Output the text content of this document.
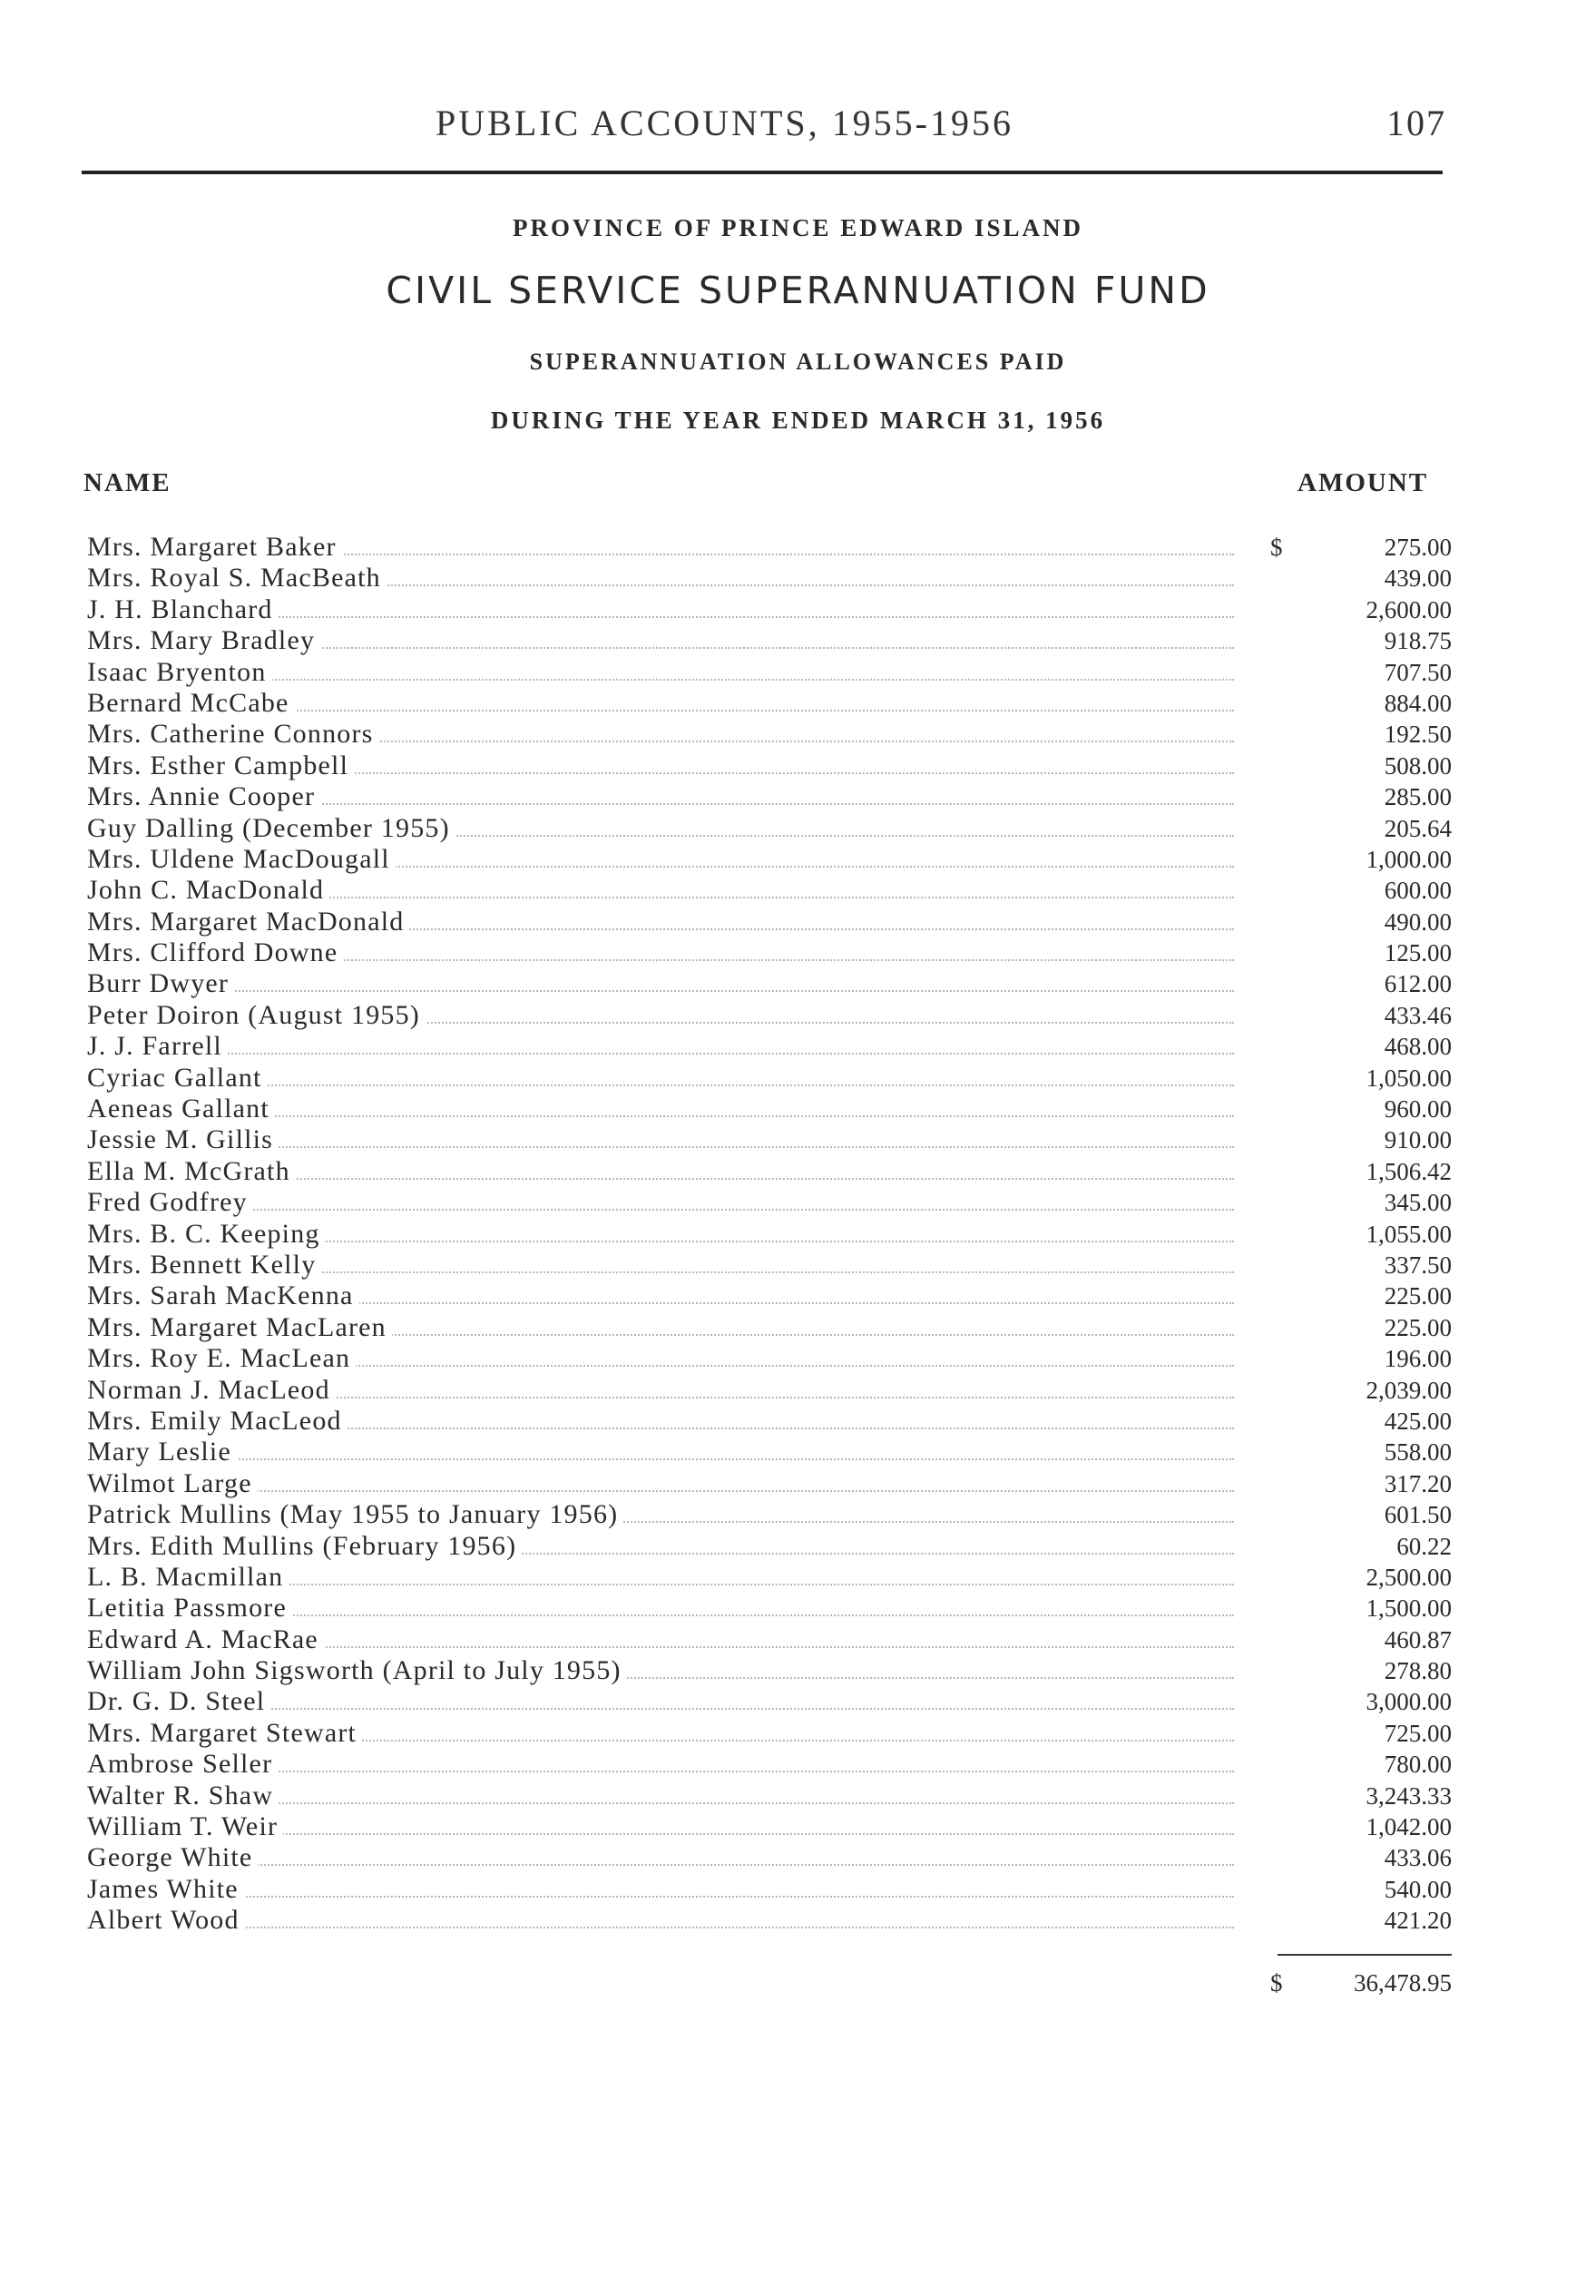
PUBLIC ACCOUNTS, 1955-1956	107
PROVINCE OF PRINCE EDWARD ISLAND
CIVIL SERVICE SUPERANNUATION FUND
SUPERANNUATION ALLOWANCES PAID
DURING THE YEAR ENDED MARCH 31, 1956
NAME	AMOUNT
Mrs. Margaret Baker	$	275.00
Mrs. Royal S. MacBeath	439.00
J. H. Blanchard	2,600.00
Mrs. Mary Bradley	918.75
Isaac Bryenton	707.50
Bernard McCabe	884.00
Mrs. Catherine Connors	192.50
Mrs. Esther Campbell	508.00
Mrs. Annie Cooper	285.00
Guy Dalling (December 1955)	205.64
Mrs. Uldene MacDougall	1,000.00
John C. MacDonald	600.00
Mrs. Margaret MacDonald	490.00
Mrs. Clifford Downe	125.00
Burr Dwyer	612.00
Peter Doiron (August 1955)	433.46
J. J. Farrell	468.00
Cyriac Gallant	1,050.00
Aeneas Gallant	960.00
Jessie M. Gillis	910.00
Ella M. McGrath	1,506.42
Fred Godfrey	345.00
Mrs. B. C. Keeping	1,055.00
Mrs. Bennett Kelly	337.50
Mrs. Sarah MacKenna	225.00
Mrs. Margaret MacLaren	225.00
Mrs. Roy E. MacLean	196.00
Norman J. MacLeod	2,039.00
Mrs. Emily MacLeod	425.00
Mary Leslie	558.00
Wilmot Large	317.20
Patrick Mullins (May 1955 to January 1956)	601.50
Mrs. Edith Mullins (February 1956)	60.22
L. B. Macmillan	2,500.00
Letitia Passmore	1,500.00
Edward A. MacRae	460.87
William John Sigsworth (April to July 1955)	278.80
Dr. G. D. Steel	3,000.00
Mrs. Margaret Stewart	725.00
Ambrose Seller	780.00
Walter R. Shaw	3,243.33
William T. Weir	1,042.00
George White	433.06
James White	540.00
Albert Wood	421.20
$	36,478.95
